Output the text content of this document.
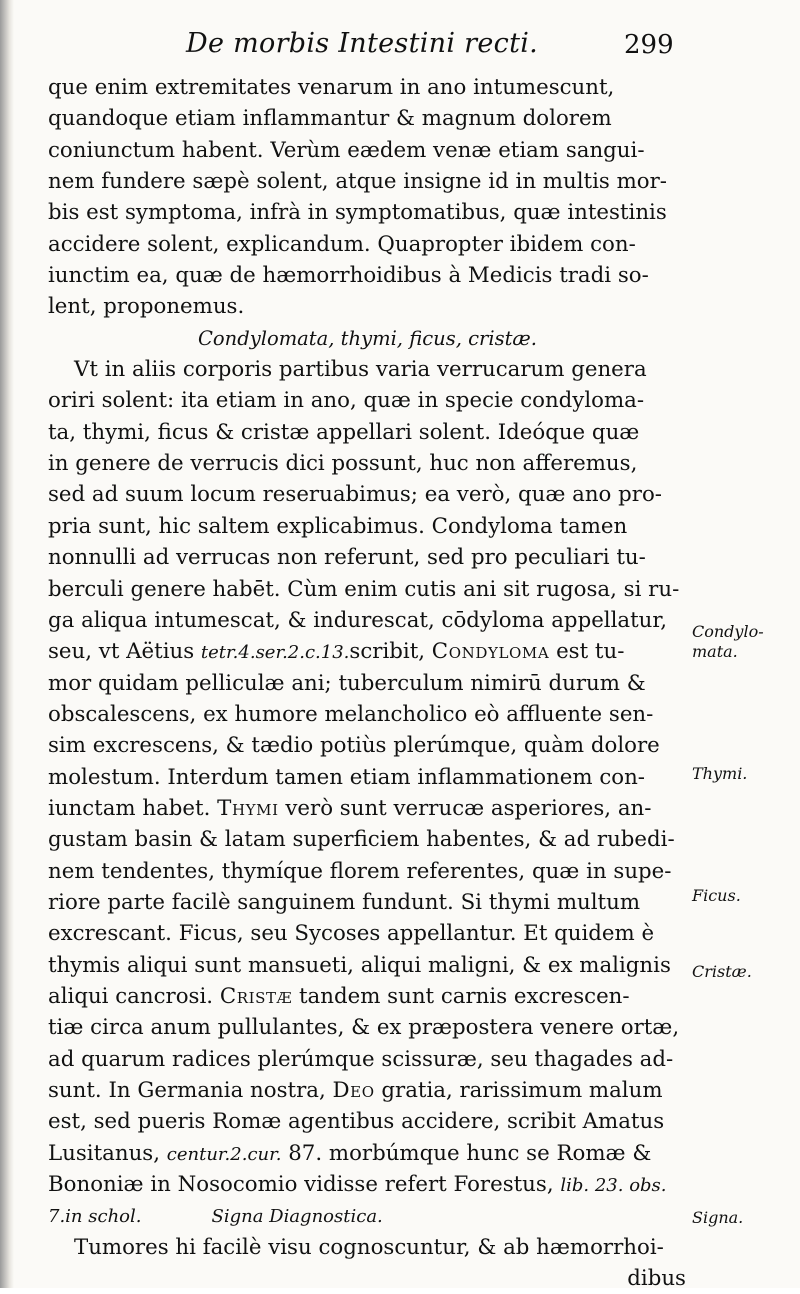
De morbis Intestini recti.	299
que enim extremitates venarum in ano intumescunt,
quandoque etiam inflammantur & magnum dolorem
coniunctum habent. Verùm eædem venæ etiam sangui-
nem fundere sæpè solent, atque insigne id in multis mor-
bis est symptoma, infrà in symptomatibus, quæ intestinis
accidere solent, explicandum. Quapropter ibidem con-
iunctim ea, quæ de hæmorrhoidibus à Medicis tradi so-
lent, proponemus.
Condylomata, thymi, ficus, cristæ.
Vt in aliis corporis partibus varia verrucarum genera
oriri solent: ita etiam in ano, quæ in specie condyloma-
ta, thymi, ficus & cristæ appellari solent. Ideóque quæ
in genere de verrucis dici possunt, huc non afferemus,
sed ad suum locum reseruabimus; ea verò, quæ ano pro-
pria sunt, hic saltem explicabimus. Condyloma tamen
nonnulli ad verrucas non referunt, sed pro peculiari tu-
berculi genere habēt. Cùm enim cutis ani sit rugosa, si ru-
ga aliqua intumescat, & indurescat, cōdyloma appellatur,
seu, vt Aëtius tetr.4.ser.2.c.13.scribit, Condyloma est tu-
mor quidam pelliculæ ani; tuberculum nimirū durum &
obscalescens, ex humore melancholico eò affluente sen-
sim excrescens, & tædio potiùs plerúmque, quàm dolore
molestum. Interdum tamen etiam inflammationem con-
iunctam habet. Thymi verò sunt verrucæ asperiores, an-
gustam basin & latam superficiem habentes, & ad rubedi-
nem tendentes, thymíque florem referentes, quæ in supe-
riore parte facilè sanguinem fundunt. Si thymi multum
excrescant. Ficus, seu Sycoses appellantur. Et quidem è
thymis aliqui sunt mansueti, aliqui maligni, & ex malignis
aliqui cancrosi. Cristæ tandem sunt carnis excrescen-
tiæ circa anum pullulantes, & ex præpostera venere ortæ,
ad quarum radices plerúmque scissuræ, seu thagades ad-
sunt. In Germania nostra, Deo gratia, rarissimum malum
est, sed pueris Romæ agentibus accidere, scribit Amatus
Lusitanus, centur.2.cur. 87. morbúmque hunc se Romæ &
Bononiæ in Nosocomio vidisse refert Forestus, lib. 23. obs.
7.in schol.	Signa Diagnostica.
Tumores hi facilè visu cognoscuntur, & ab hæmorrhoi-
dibus
Condylo-
mata.
Thymi.
Ficus.
Cristæ.
Signa.
